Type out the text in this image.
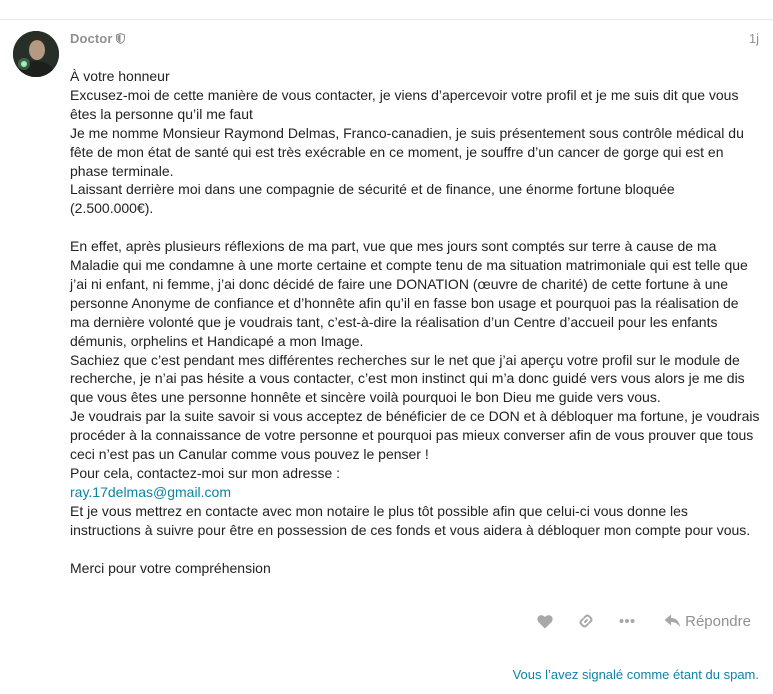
Doctor	1j

À votre honneur

Excusez-moi de cette manière de vous contacter, je viens d’apercevoir votre profil et je me suis dit que vous êtes la personne qu’il me faut

Je me nomme Monsieur Raymond Delmas, Franco-canadien, je suis présentement sous contrôle médical du fête de mon état de santé qui est très exécrable en ce moment, je souffre d’un cancer de gorge qui est en phase terminale.

Laissant derrière moi dans une compagnie de sécurité et de finance, une énorme fortune bloquée (2.500.000€).

En effet, après plusieurs réflexions de ma part, vue que mes jours sont comptés sur terre à cause de ma Maladie qui me condamne à une morte certaine et compte tenu de ma situation matrimoniale qui est telle que j’ai ni enfant, ni femme, j’ai donc décidé de faire une DONATION (œuvre de charité) de cette fortune à une personne Anonyme de confiance et d’honnête afin qu’il en fasse bon usage et pourquoi pas la réalisation de ma dernière volonté que je voudrais tant, c’est-à-dire la réalisation d’un Centre d’accueil pour les enfants démunis, orphelins et Handicapé a mon Image.

Sachiez que c’est pendant mes différentes recherches sur le net que j’ai aperçu votre profil sur le module de recherche, je n’ai pas hésite a vous contacter, c’est mon instinct qui m’a donc guidé vers vous alors je me dis que vous êtes une personne honnête et sincère voilà pourquoi le bon Dieu me guide vers vous.

Je voudrais par la suite savoir si vous acceptez de bénéficier de ce DON et à débloquer ma fortune, je voudrais procéder à la connaissance de votre personne et pourquoi pas mieux converser afin de vous prouver que tous ceci n’est pas un Canular comme vous pouvez le penser !

Pour cela, contactez-moi sur mon adresse :

ray.17delmas@gmail.com

Et je vous mettrez en contacte avec mon notaire le plus tôt possible afin que celui-ci vous donne les instructions à suivre pour être en possession de ces fonds et vous aidera à débloquer mon compte pour vous.

Merci pour votre compréhension

Répondre
Vous l’avez signalé comme étant du spam.
